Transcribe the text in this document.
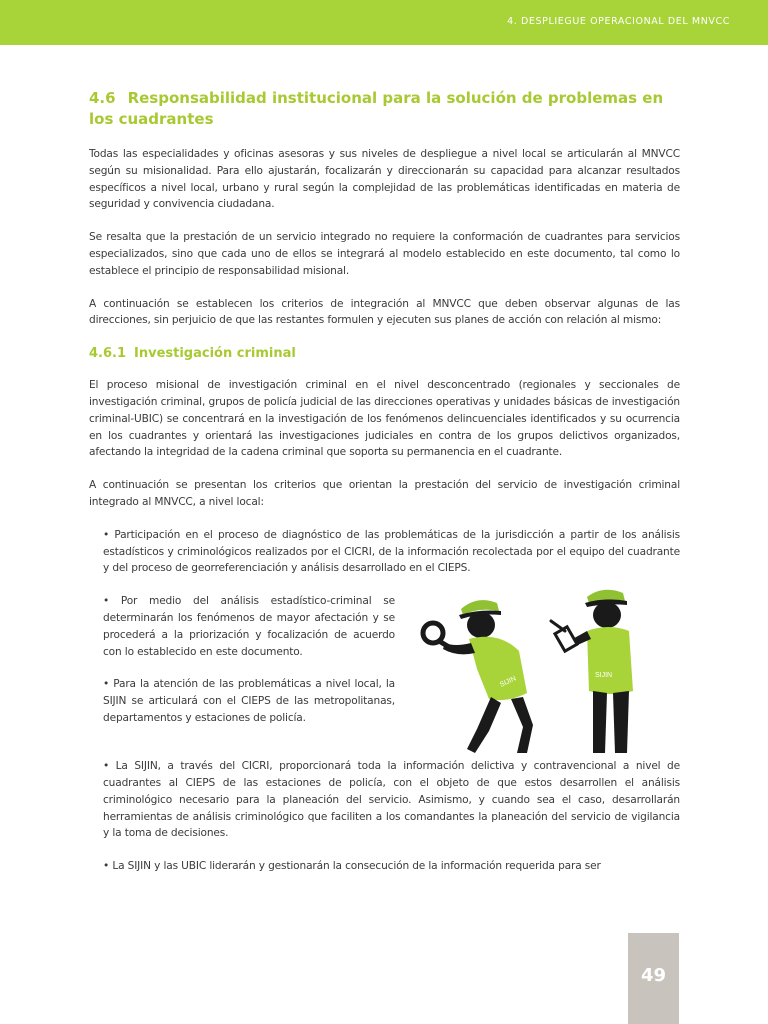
4. DESPLIEGUE OPERACIONAL DEL MNVCC
4.6 Responsabilidad institucional para la solución de problemas en los cuadrantes

Todas las especialidades y oficinas asesoras y sus niveles de despliegue a nivel local se articularán al MNVCC según su misionalidad. Para ello ajustarán, focalizarán y direccionarán su capacidad para alcanzar resultados específicos a nivel local, urbano y rural según la complejidad de las problemáticas identificadas en materia de seguridad y convivencia ciudadana.

Se resalta que la prestación de un servicio integrado no requiere la conformación de cuadrantes para servicios especializados, sino que cada uno de ellos se integrará al modelo establecido en este documento, tal como lo establece el principio de responsabilidad misional.

A continuación se establecen los criterios de integración al MNVCC que deben observar algunas de las direcciones, sin perjuicio de que las restantes formulen y ejecuten sus planes de acción con relación al mismo:

4.6.1 Investigación criminal

El proceso misional de investigación criminal en el nivel desconcentrado (regionales y seccionales de investigación criminal, grupos de policía judicial de las direcciones operativas y unidades básicas de investigación criminal-UBIC) se concentrará en la investigación de los fenómenos delincuenciales identificados y su ocurrencia en los cuadrantes y orientará las investigaciones judiciales en contra de los grupos delictivos organizados, afectando la integridad de la cadena criminal que soporta su permanencia en el cuadrante.

A continuación se presentan los criterios que orientan la prestación del servicio de investigación criminal integrado al MNVCC, a nivel local:

• Participación en el proceso de diagnóstico de las problemáticas de la jurisdicción a partir de los análisis estadísticos y criminológicos realizados por el CICRI, de la información recolectada por el equipo del cuadrante y del proceso de georreferenciación y análisis desarrollado en el CIEPS.

• Por medio del análisis estadístico-criminal se determinarán los fenómenos de mayor afectación y se procederá a la priorización y focalización de acuerdo con lo establecido en este documento.

• Para la atención de las problemáticas a nivel local, la SIJIN se articulará con el CIEPS de las metropolitanas, departamentos y estaciones de policía.

SIJIN	SIJIN

• La SIJIN, a través del CICRI, proporcionará toda la información delictiva y contravencional a nivel de cuadrantes al CIEPS de las estaciones de policía, con el objeto de que estos desarrollen el análisis criminológico necesario para la planeación del servicio. Asimismo, y cuando sea el caso, desarrollarán herramientas de análisis criminológico que faciliten a los comandantes la planeación del servicio de vigilancia y la toma de decisiones.

• La SIJIN y las UBIC liderarán y gestionarán la consecución de la información requerida para ser

49
